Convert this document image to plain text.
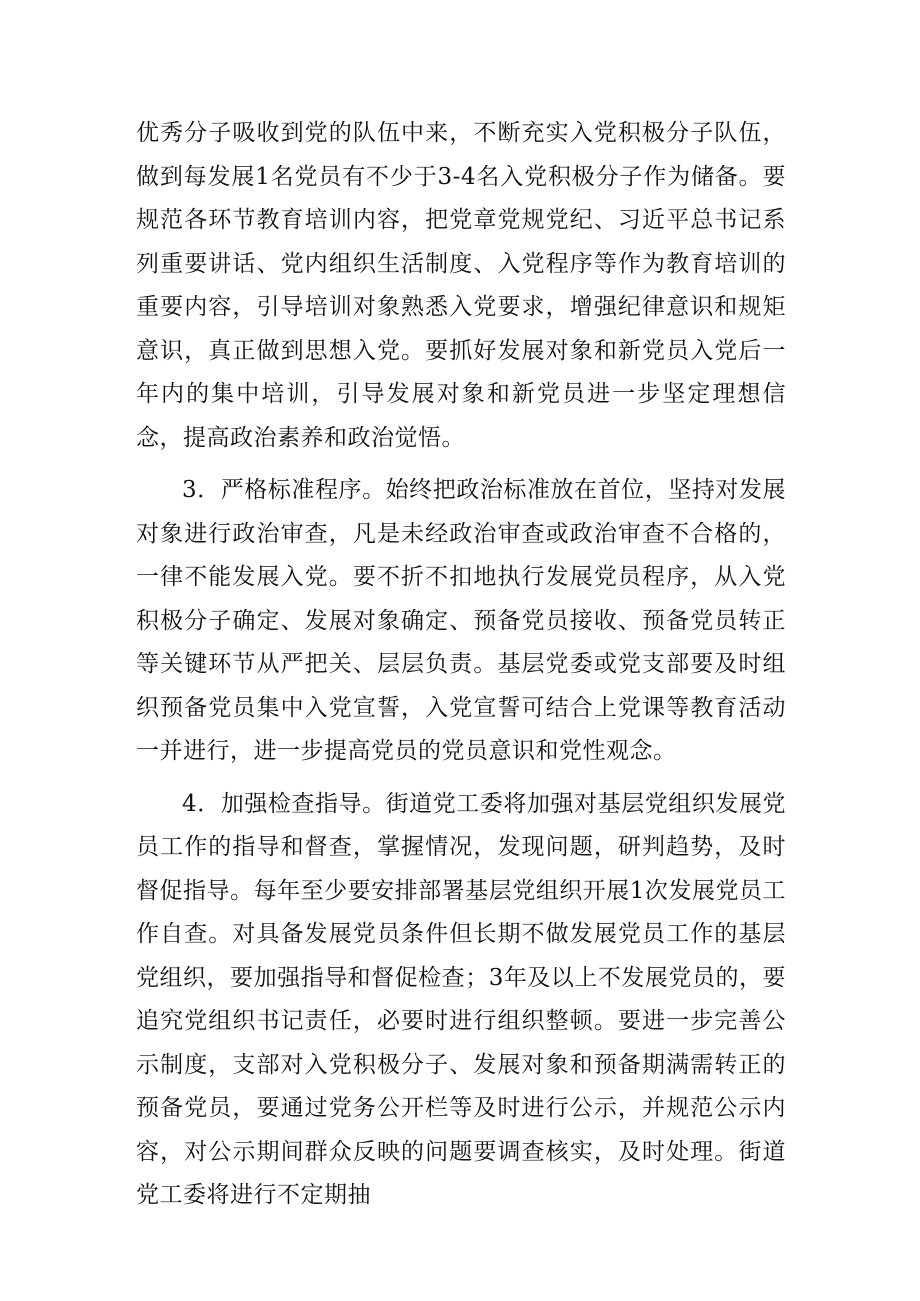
优秀分子吸收到党的队伍中来，不断充实入党积极分子队伍，做到每发展1名党员有不少于3-4名入党积极分子作为储备。要规范各环节教育培训内容，把党章党规党纪、习近平总书记系列重要讲话、党内组织生活制度、入党程序等作为教育培训的重要内容，引导培训对象熟悉入党要求，增强纪律意识和规矩意识，真正做到思想入党。要抓好发展对象和新党员入党后一年内的集中培训，引导发展对象和新党员进一步坚定理想信念，提高政治素养和政治觉悟。

3．严格标准程序。始终把政治标准放在首位，坚持对发展对象进行政治审查，凡是未经政治审查或政治审查不合格的，一律不能发展入党。要不折不扣地执行发展党员程序，从入党积极分子确定、发展对象确定、预备党员接收、预备党员转正等关键环节从严把关、层层负责。基层党委或党支部要及时组织预备党员集中入党宣誓，入党宣誓可结合上党课等教育活动一并进行，进一步提高党员的党员意识和党性观念。

4．加强检查指导。街道党工委将加强对基层党组织发展党员工作的指导和督查，掌握情况，发现问题，研判趋势，及时督促指导。每年至少要安排部署基层党组织开展1次发展党员工作自查。对具备发展党员条件但长期不做发展党员工作的基层党组织，要加强指导和督促检查；3年及以上不发展党员的，要追究党组织书记责任，必要时进行组织整顿。要进一步完善公示制度，支部对入党积极分子、发展对象和预备期满需转正的预备党员，要通过党务公开栏等及时进行公示，并规范公示内容，对公示期间群众反映的问题要调查核实，及时处理。街道党工委将进行不定期抽
